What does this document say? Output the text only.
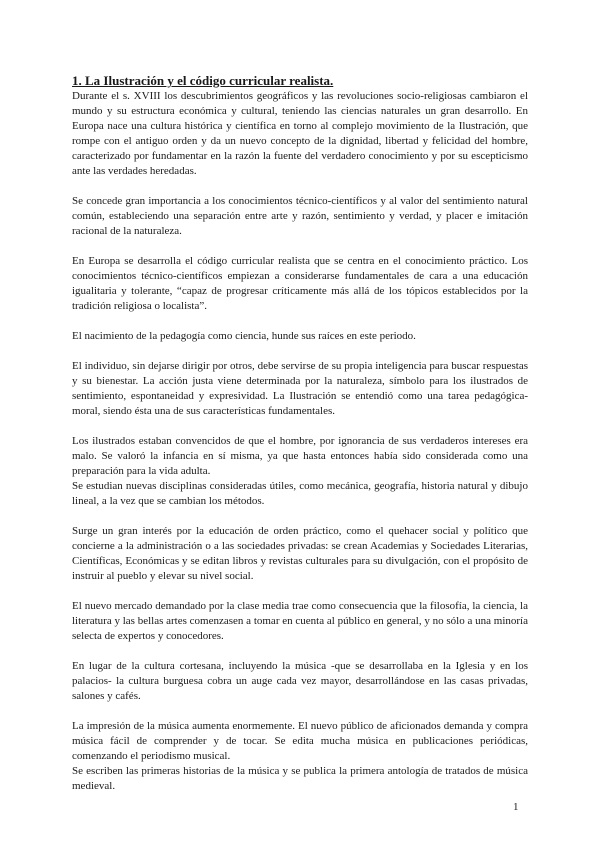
1. La Ilustración y el código curricular realista.

Durante el s. XVIII los descubrimientos geográficos y las revoluciones socio-religiosas cambiaron el mundo y su estructura económica y cultural, teniendo las ciencias naturales un gran desarrollo. En Europa nace una cultura histórica y científica en torno al complejo movimiento de la Ilustración, que rompe con el antiguo orden y da un nuevo concepto de la dignidad, libertad y felicidad del hombre, caracterizado por fundamentar en la razón la fuente del verdadero conocimiento y por su escepticismo ante las verdades heredadas.

Se concede gran importancia a los conocimientos técnico-científicos y al valor del sentimiento natural común, estableciendo una separación entre arte y razón, sentimiento y verdad, y placer e imitación racional de la naturaleza.

En Europa se desarrolla el código curricular realista que se centra en el conocimiento práctico. Los conocimientos técnico-científicos empiezan a considerarse fundamentales de cara a una educación igualitaria y tolerante, “capaz de progresar críticamente más allá de los tópicos establecidos por la tradición religiosa o localista”.

El nacimiento de la pedagogía como ciencia, hunde sus raíces en este periodo.

El individuo, sin dejarse dirigir por otros, debe servirse de su propia inteligencia para buscar respuestas y su bienestar. La acción justa viene determinada por la naturaleza, símbolo para los ilustrados de sentimiento, espontaneidad y expresividad. La Ilustración se entendió como una tarea pedagógica-moral, siendo ésta una de sus características fundamentales.

Los ilustrados estaban convencidos de que el hombre, por ignorancia de sus verdaderos intereses era malo. Se valoró la infancia en sí misma, ya que hasta entonces había sido considerada como una preparación para la vida adulta.
Se estudian nuevas disciplinas consideradas útiles, como mecánica, geografía, historia natural y dibujo lineal, a la vez que se cambian los métodos.

Surge un gran interés por la educación de orden práctico, como el quehacer social y político que concierne a la administración o a las sociedades privadas: se crean Academias y Sociedades Literarias, Científicas, Económicas y se editan libros y revistas culturales para su divulgación, con el propósito de instruir al pueblo y elevar su nivel social.

El nuevo mercado demandado por la clase media trae como consecuencia que la filosofía, la ciencia, la literatura y las bellas artes comenzasen a tomar en cuenta al público en general, y no sólo a una minoría selecta de expertos y conocedores.

En lugar de la cultura cortesana, incluyendo la música -que se desarrollaba en la Iglesia y en los palacios- la cultura burguesa cobra un auge cada vez mayor, desarrollándose en las casas privadas, salones y cafés.

La impresión de la música aumenta enormemente. El nuevo público de aficionados demanda y compra música fácil de comprender y de tocar. Se edita mucha música en publicaciones periódicas, comenzando el periodismo musical.
Se escriben las primeras historias de la música y se publica la primera antología de tratados de música medieval.

1
